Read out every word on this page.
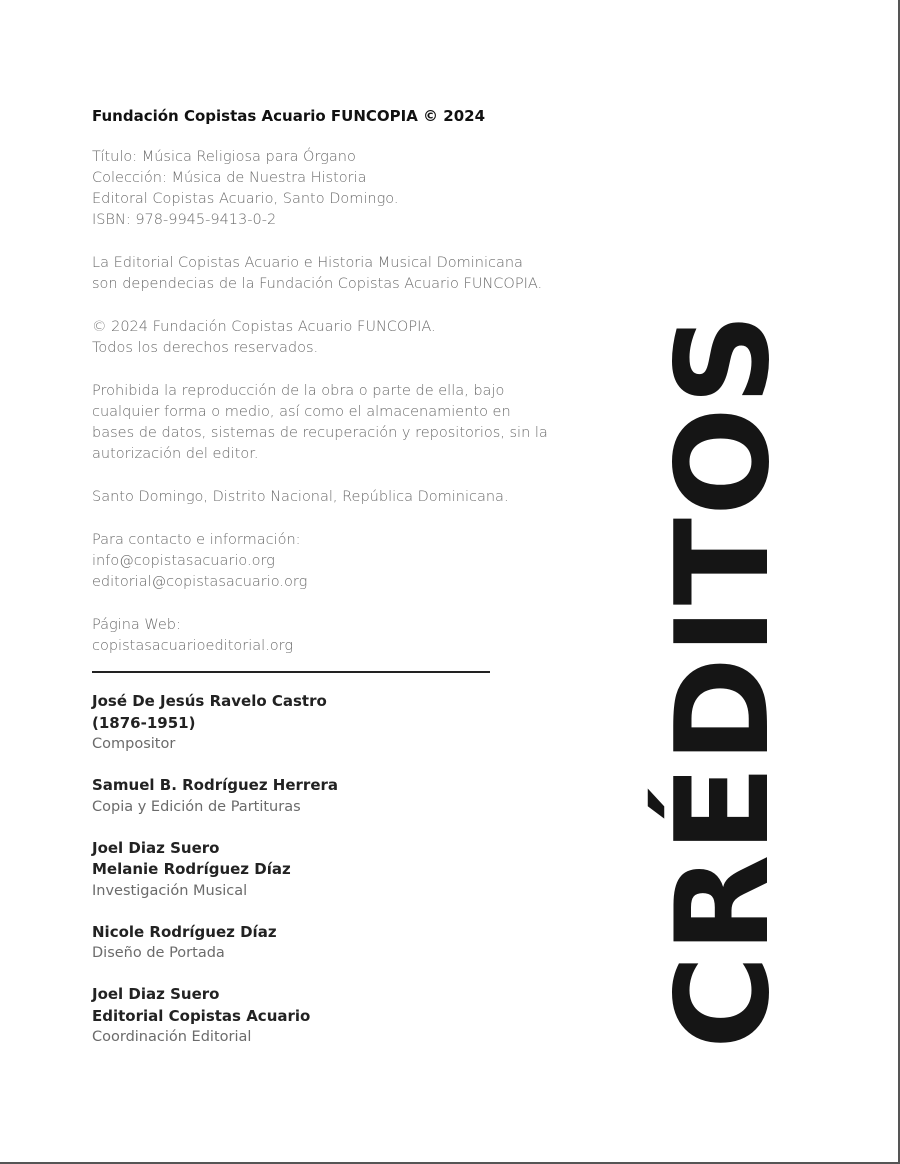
Fundación Copistas Acuario FUNCOPIA © 2024
Título: Música Religiosa para Órgano
Colección: Música de Nuestra Historia
Editoral Copistas Acuario, Santo Domingo.
ISBN: 978-9945-9413-0-2
La Editorial Copistas Acuario e Historia Musical Dominicana
son dependecias de la Fundación Copistas Acuario FUNCOPIA.
© 2024 Fundación Copistas Acuario FUNCOPIA.
Todos los derechos reservados.
Prohibida la reproducción de la obra o parte de ella, bajo
cualquier forma o medio, así como el almacenamiento en
bases de datos, sistemas de recuperación y repositorios, sin la
autorización del editor.
Santo Domingo, Distrito Nacional, República Dominicana.
Para contacto e información:
info@copistasacuario.org
editorial@copistasacuario.org
Página Web:
copistasacuarioeditorial.org
José De Jesús Ravelo Castro
(1876-1951)
Compositor
Samuel B. Rodríguez Herrera
Copia y Edición de Partituras
Joel Diaz Suero
Melanie Rodríguez Díaz
Investigación Musical
Nicole Rodríguez Díaz
Diseño de Portada
Joel Diaz Suero
Editorial Copistas Acuario
Coordinación Editorial	CRÉDITOS
